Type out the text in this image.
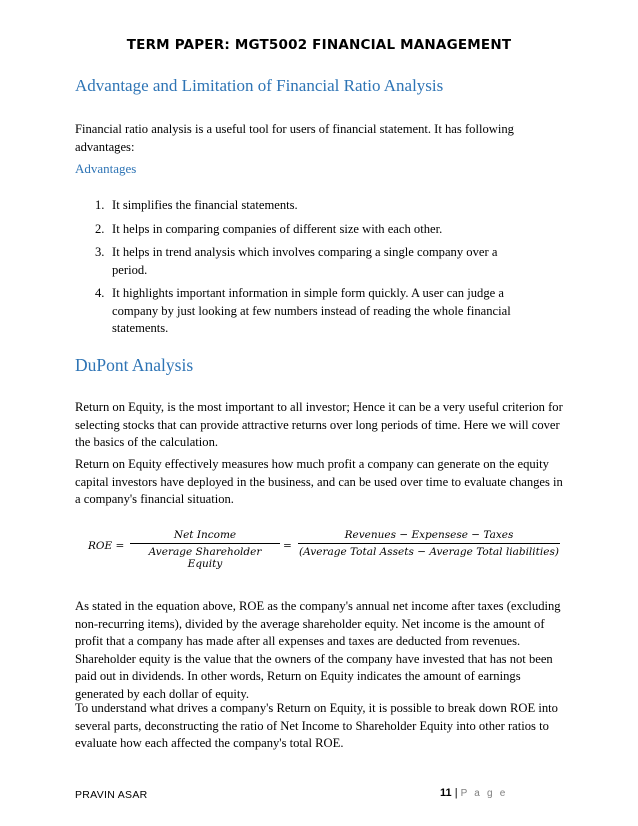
TERM PAPER: MGT5002 FINANCIAL MANAGEMENT
Advantage and Limitation of Financial Ratio Analysis

Financial ratio analysis is a useful tool for users of financial statement. It has following advantages:

Advantages

1. It simplifies the financial statements.
2. It helps in comparing companies of different size with each other.
3. It helps in trend analysis which involves comparing a single company over a period.
4. It highlights important information in simple form quickly. A user can judge a company by just looking at few numbers instead of reading the whole financial statements.
DuPont Analysis

Return on Equity, is the most important to all investor; Hence it can be a very useful criterion for selecting stocks that can provide attractive returns over long periods of time. Here we will cover the basics of the calculation.

Return on Equity effectively measures how much profit a company can generate on the equity capital investors have deployed in the business, and can be used over time to evaluate changes in a company's financial situation.

ROE =
Net Income
Average Shareholder Equity
=
Revenues − Expensese − Taxes
(Average Total Assets − Average Total liabilities)

As stated in the equation above, ROE as the company's annual net income after taxes (excluding non-recurring items), divided by the average shareholder equity. Net income is the amount of profit that a company has made after all expenses and taxes are deducted from revenues. Shareholder equity is the value that the owners of the company have invested that has not been paid out in dividends. In other words, Return on Equity indicates the amount of earnings generated by each dollar of equity.

To understand what drives a company's Return on Equity, it is possible to break down ROE into several parts, deconstructing the ratio of Net Income to Shareholder Equity into other ratios to evaluate how each affected the company's total ROE.

PRAVIN ASAR	11 | P a g e
